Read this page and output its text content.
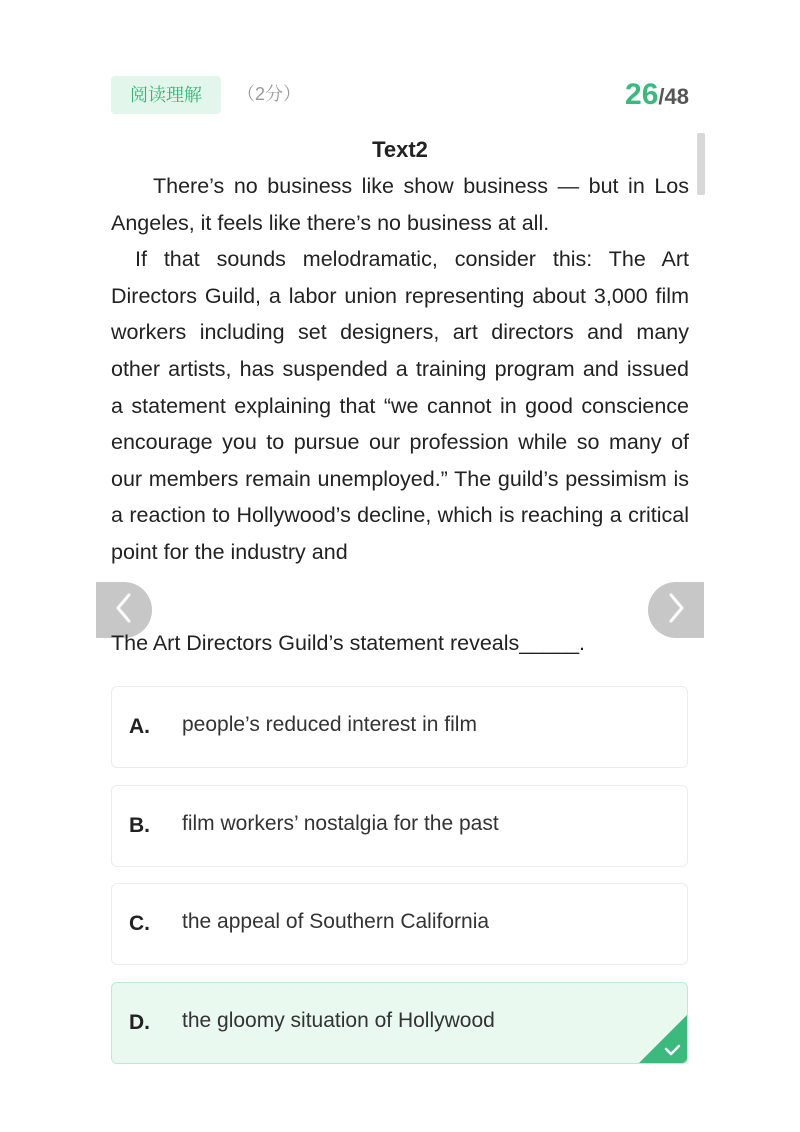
阅读理解	（2分）	26/48
Text2

There’s no business like show business — but in Los Angeles, it feels like there’s no business at all.

If that sounds melodramatic, consider this: The Art Directors Guild, a labor union representing about 3,000 film workers including set designers, art directors and many other artists, has suspended a training program and issued a statement explaining that “we cannot in good conscience encourage you to pursue our profession while so many of our members remain unemployed.” The guild’s pessimism is a reaction to Hollywood’s decline, which is reaching a critical point for the industry and

The Art Directors Guild’s statement reveals_____.
A. people’s reduced interest in film
B. film workers’ nostalgia for the past
C. the appeal of Southern California
D. the gloomy situation of Hollywood
